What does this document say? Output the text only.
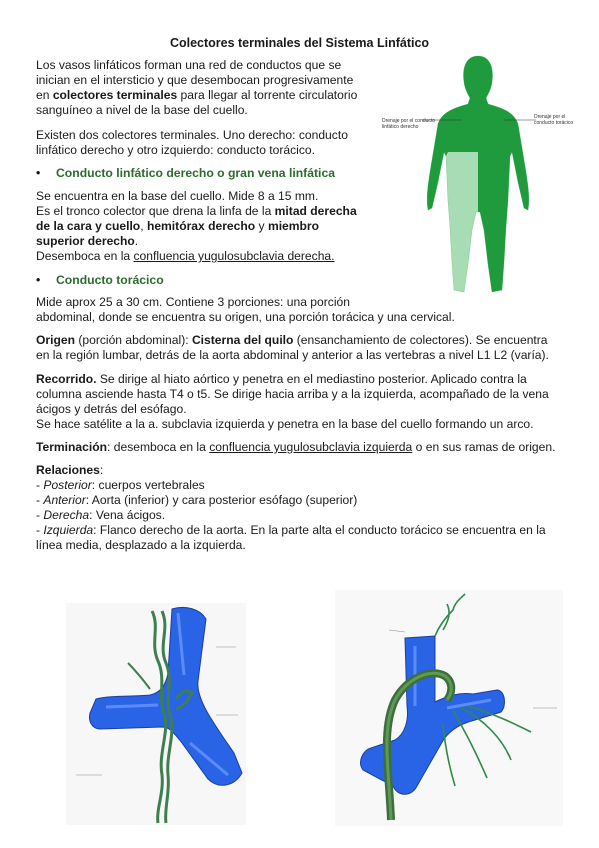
Colectores terminales del Sistema Linfático
Los vasos linfáticos forman una red de conductos que se
inician en el intersticio y que desembocan progresivamente
en colectores terminales para llegar al torrente circulatorio
sanguíneo a nivel de la base del cuello.
Existen dos colectores terminales. Uno derecho: conducto
linfático derecho y otro izquierdo: conducto torácico.
• Conducto linfático derecho o gran vena linfática
Se encuentra en la base del cuello. Mide 8 a 15 mm.
Es el tronco colector que drena la linfa de la mitad derecha
de la cara y cuello, hemitórax derecho y miembro
superior derecho.
Desemboca en la confluencia yugulosubclavia derecha.
• Conducto torácico
Mide aprox 25 a 30 cm. Contiene 3 porciones: una porción
abdominal, donde se encuentra su origen, una porción torácica y una cervical.
Origen (porción abdominal): Cisterna del quilo (ensanchamiento de colectores). Se encuentra
en la región lumbar, detrás de la aorta abdominal y anterior a las vertebras a nivel L1 L2 (varía).
Recorrido. Se dirige al hiato aórtico y penetra en el mediastino posterior. Aplicado contra la
columna asciende hasta T4 o t5. Se dirige hacia arriba y a la izquierda, acompañado de la vena
ácigos y detrás del esófago.
Se hace satélite a la a. subclavia izquierda y penetra en la base del cuello formando un arco.
Terminación: desemboca en la confluencia yugulosubclavia izquierda o en sus ramas de origen.
Relaciones:
- Posterior: cuerpos vertebrales
- Anterior: Aorta (inferior) y cara posterior esófago (superior)
- Derecha: Vena ácigos.
- Izquierda: Flanco derecho de la aorta. En la parte alta el conducto torácico se encuentra en la
línea media, desplazado a la izquierda.
Drenaje por el conducto
linfático derecho
Drenaje por el
conducto torácico
